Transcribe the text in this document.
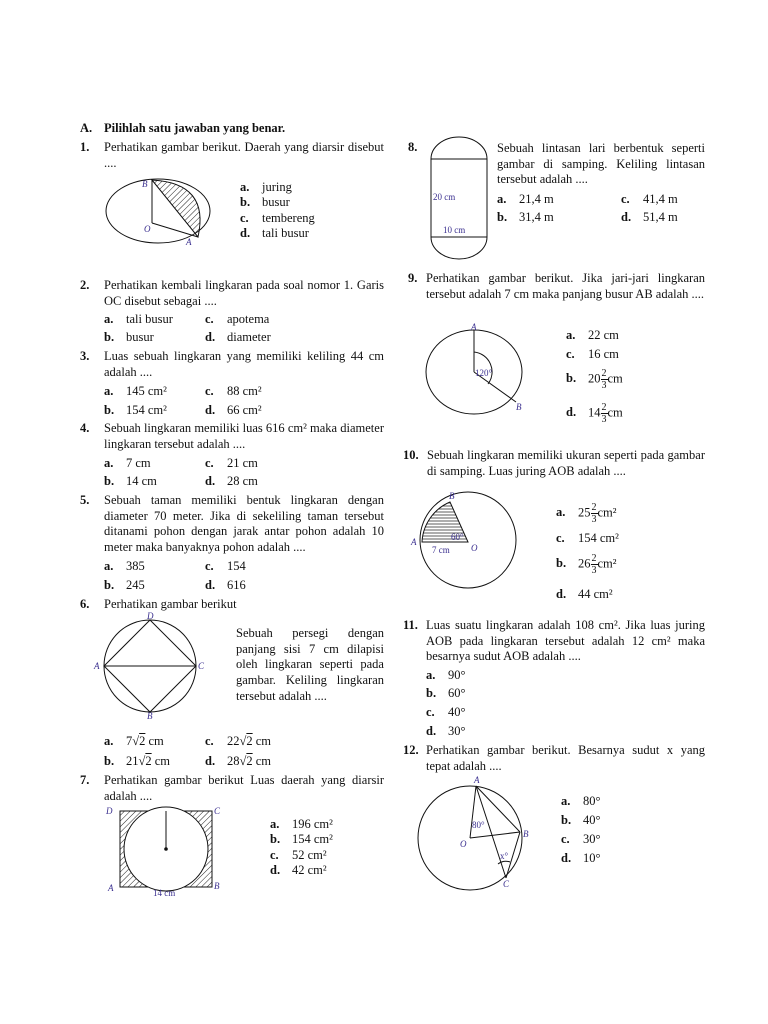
A. Pilihlah satu jawaban yang benar.
1. Perhatikan gambar berikut. Daerah yang diarsir disebut ....
B
O
A
a. juring
b. busur
c. tembereng
d. tali busur
2. Perhatikan kembali lingkaran pada soal nomor 1. Garis OC disebut sebagai ....
a. tali busur	c. apotema
b. busur	d. diameter
3. Luas sebuah lingkaran yang memiliki keliling 44 cm adalah ....
a. 145 cm²	c. 88 cm²
b. 154 cm²	d. 66 cm²
4. Sebuah lingkaran memiliki luas 616 cm² maka diameter lingkaran tersebut adalah ....
a. 7 cm	c. 21 cm
b. 14 cm	d. 28 cm
5. Sebuah taman memiliki bentuk lingkaran dengan diameter 70 meter. Jika di sekeliling taman tersebut ditanami pohon dengan jarak antar pohon adalah 10 meter maka banyaknya pohon adalah ....
a. 385	c. 154
b. 245	d. 616
6. Perhatikan gambar berikut
D
A	C
B
Sebuah persegi dengan panjang sisi 7 cm dilapisi oleh lingkaran seperti pada gambar. Keliling lingkaran tersebut adalah ....
a. 7√2 cm	c. 22√2 cm
b. 21√2 cm	d. 28√2 cm
7. Perhatikan gambar berikut Luas daerah yang diarsir adalah ....
D	C
A	B
14 cm
a. 196 cm²
b. 154 cm²
c. 52 cm²
d. 42 cm²
8.
20 cm
10 cm
Sebuah lintasan lari berbentuk seperti gambar di samping. Keliling lintasan tersebut adalah ....
a. 21,4 m	c. 41,4 m
b. 31,4 m	d. 51,4 m
9. Perhatikan gambar berikut. Jika jari-jari lingkaran tersebut adalah 7 cm maka panjang busur AB adalah ....
A
B
120°
a. 22 cm
c. 16 cm
b. $20 \frac{2}{3}$ cm
d. $14 \frac{2}{3}$ cm
10. Sebuah lingkaran memiliki ukuran seperti pada gambar di samping. Luas juring AOB adalah ....
B
A
O
60°
7 cm
a. $25 \frac{2}{3} cm^2$
c. 154 cm²
b. $26 \frac{2}{3} cm^2$
d. 44 cm²
11. Luas suatu lingkaran adalah 108 cm². Jika luas juring AOB pada lingkaran tersebut adalah 12 cm² maka besarnya sudut AOB adalah ....
a. 90°
b. 60°
c. 40°
d. 30°
12. Perhatikan gambar berikut. Besarnya sudut x yang tepat adalah ....
A
B
O
C
80°
x°
a. 80°
b. 40°
c. 30°
d. 10°
